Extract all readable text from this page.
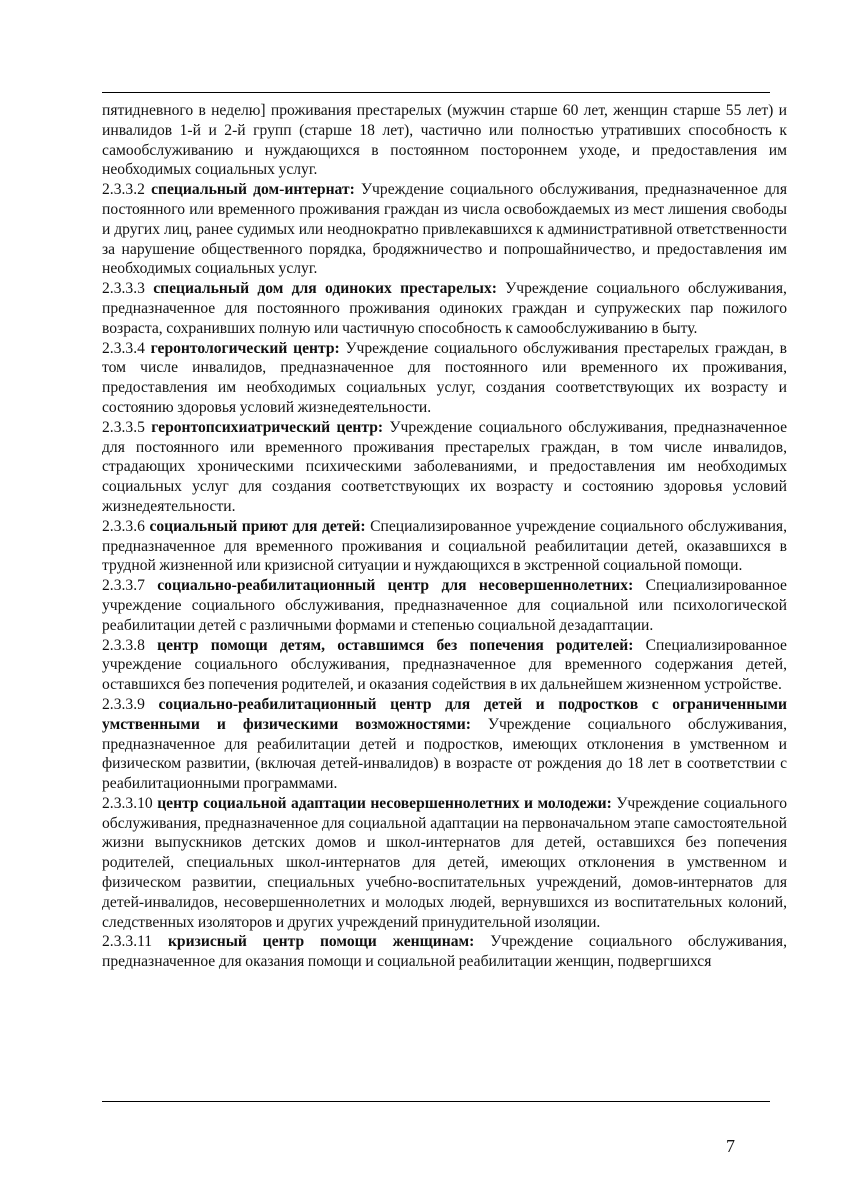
пятидневного в неделю] проживания престарелых (мужчин старше 60 лет, женщин старше 55 лет) и инвалидов 1-й и 2-й групп (старше 18 лет), частично или полностью утративших способность к самообслуживанию и нуждающихся в постоянном постороннем уходе, и предоставления им необходимых социальных услуг.

2.3.3.2 специальный дом-интернат: Учреждение социального обслуживания, предназначенное для постоянного или временного проживания граждан из числа освобождаемых из мест лишения свободы и других лиц, ранее судимых или неоднократно привлекавшихся к административной ответственности за нарушение общественного порядка, бродяжничество и попрошайничество, и предоставления им необходимых социальных услуг.

2.3.3.3 специальный дом для одиноких престарелых: Учреждение социального обслуживания, предназначенное для постоянного проживания одиноких граждан и супружеских пар пожилого возраста, сохранивших полную или частичную способность к самообслуживанию в быту.

2.3.3.4 геронтологический центр: Учреждение социального обслуживания престарелых граждан, в том числе инвалидов, предназначенное для постоянного или временного их проживания, предоставления им необходимых социальных услуг, создания соответствующих их возрасту и состоянию здоровья условий жизнедеятельности.

2.3.3.5 геронтопсихиатрический центр: Учреждение социального обслуживания, предназначенное для постоянного или временного проживания престарелых граждан, в том числе инвалидов, страдающих хроническими психическими заболеваниями, и предоставления им необходимых социальных услуг для создания соответствующих их возрасту и состоянию здоровья условий жизнедеятельности.

2.3.3.6 социальный приют для детей: Специализированное учреждение социального обслуживания, предназначенное для временного проживания и социальной реабилитации детей, оказавшихся в трудной жизненной или кризисной ситуации и нуждающихся в экстренной социальной помощи.

2.3.3.7 социально-реабилитационный центр для несовершеннолетних: Специализированное учреждение социального обслуживания, предназначенное для социальной или психологической реабилитации детей с различными формами и степенью социальной дезадаптации.

2.3.3.8 центр помощи детям, оставшимся без попечения родителей: Специализированное учреждение социального обслуживания, предназначенное для временного содержания детей, оставшихся без попечения родителей, и оказания содействия в их дальнейшем жизненном устройстве.

2.3.3.9 социально-реабилитационный центр для детей и подростков с ограниченными умственными и физическими возможностями: Учреждение социального обслуживания, предназначенное для реабилитации детей и подростков, имеющих отклонения в умственном и физическом развитии, (включая детей-инвалидов) в возрасте от рождения до 18 лет в соответствии с реабилитационными программами.

2.3.3.10 центр социальной адаптации несовершеннолетних и молодежи: Учреждение социального обслуживания, предназначенное для социальной адаптации на первоначальном этапе самостоятельной жизни выпускников детских домов и школ-интернатов для детей, оставшихся без попечения родителей, специальных школ-интернатов для детей, имеющих отклонения в умственном и физическом развитии, специальных учебно-воспитательных учреждений, домов-интернатов для детей-инвалидов, несовершеннолетних и молодых людей, вернувшихся из воспитательных колоний, следственных изоляторов и других учреждений принудительной изоляции.

2.3.3.11 кризисный центр помощи женщинам: Учреждение социального обслуживания, предназначенное для оказания помощи и социальной реабилитации женщин, подвергшихся

7
